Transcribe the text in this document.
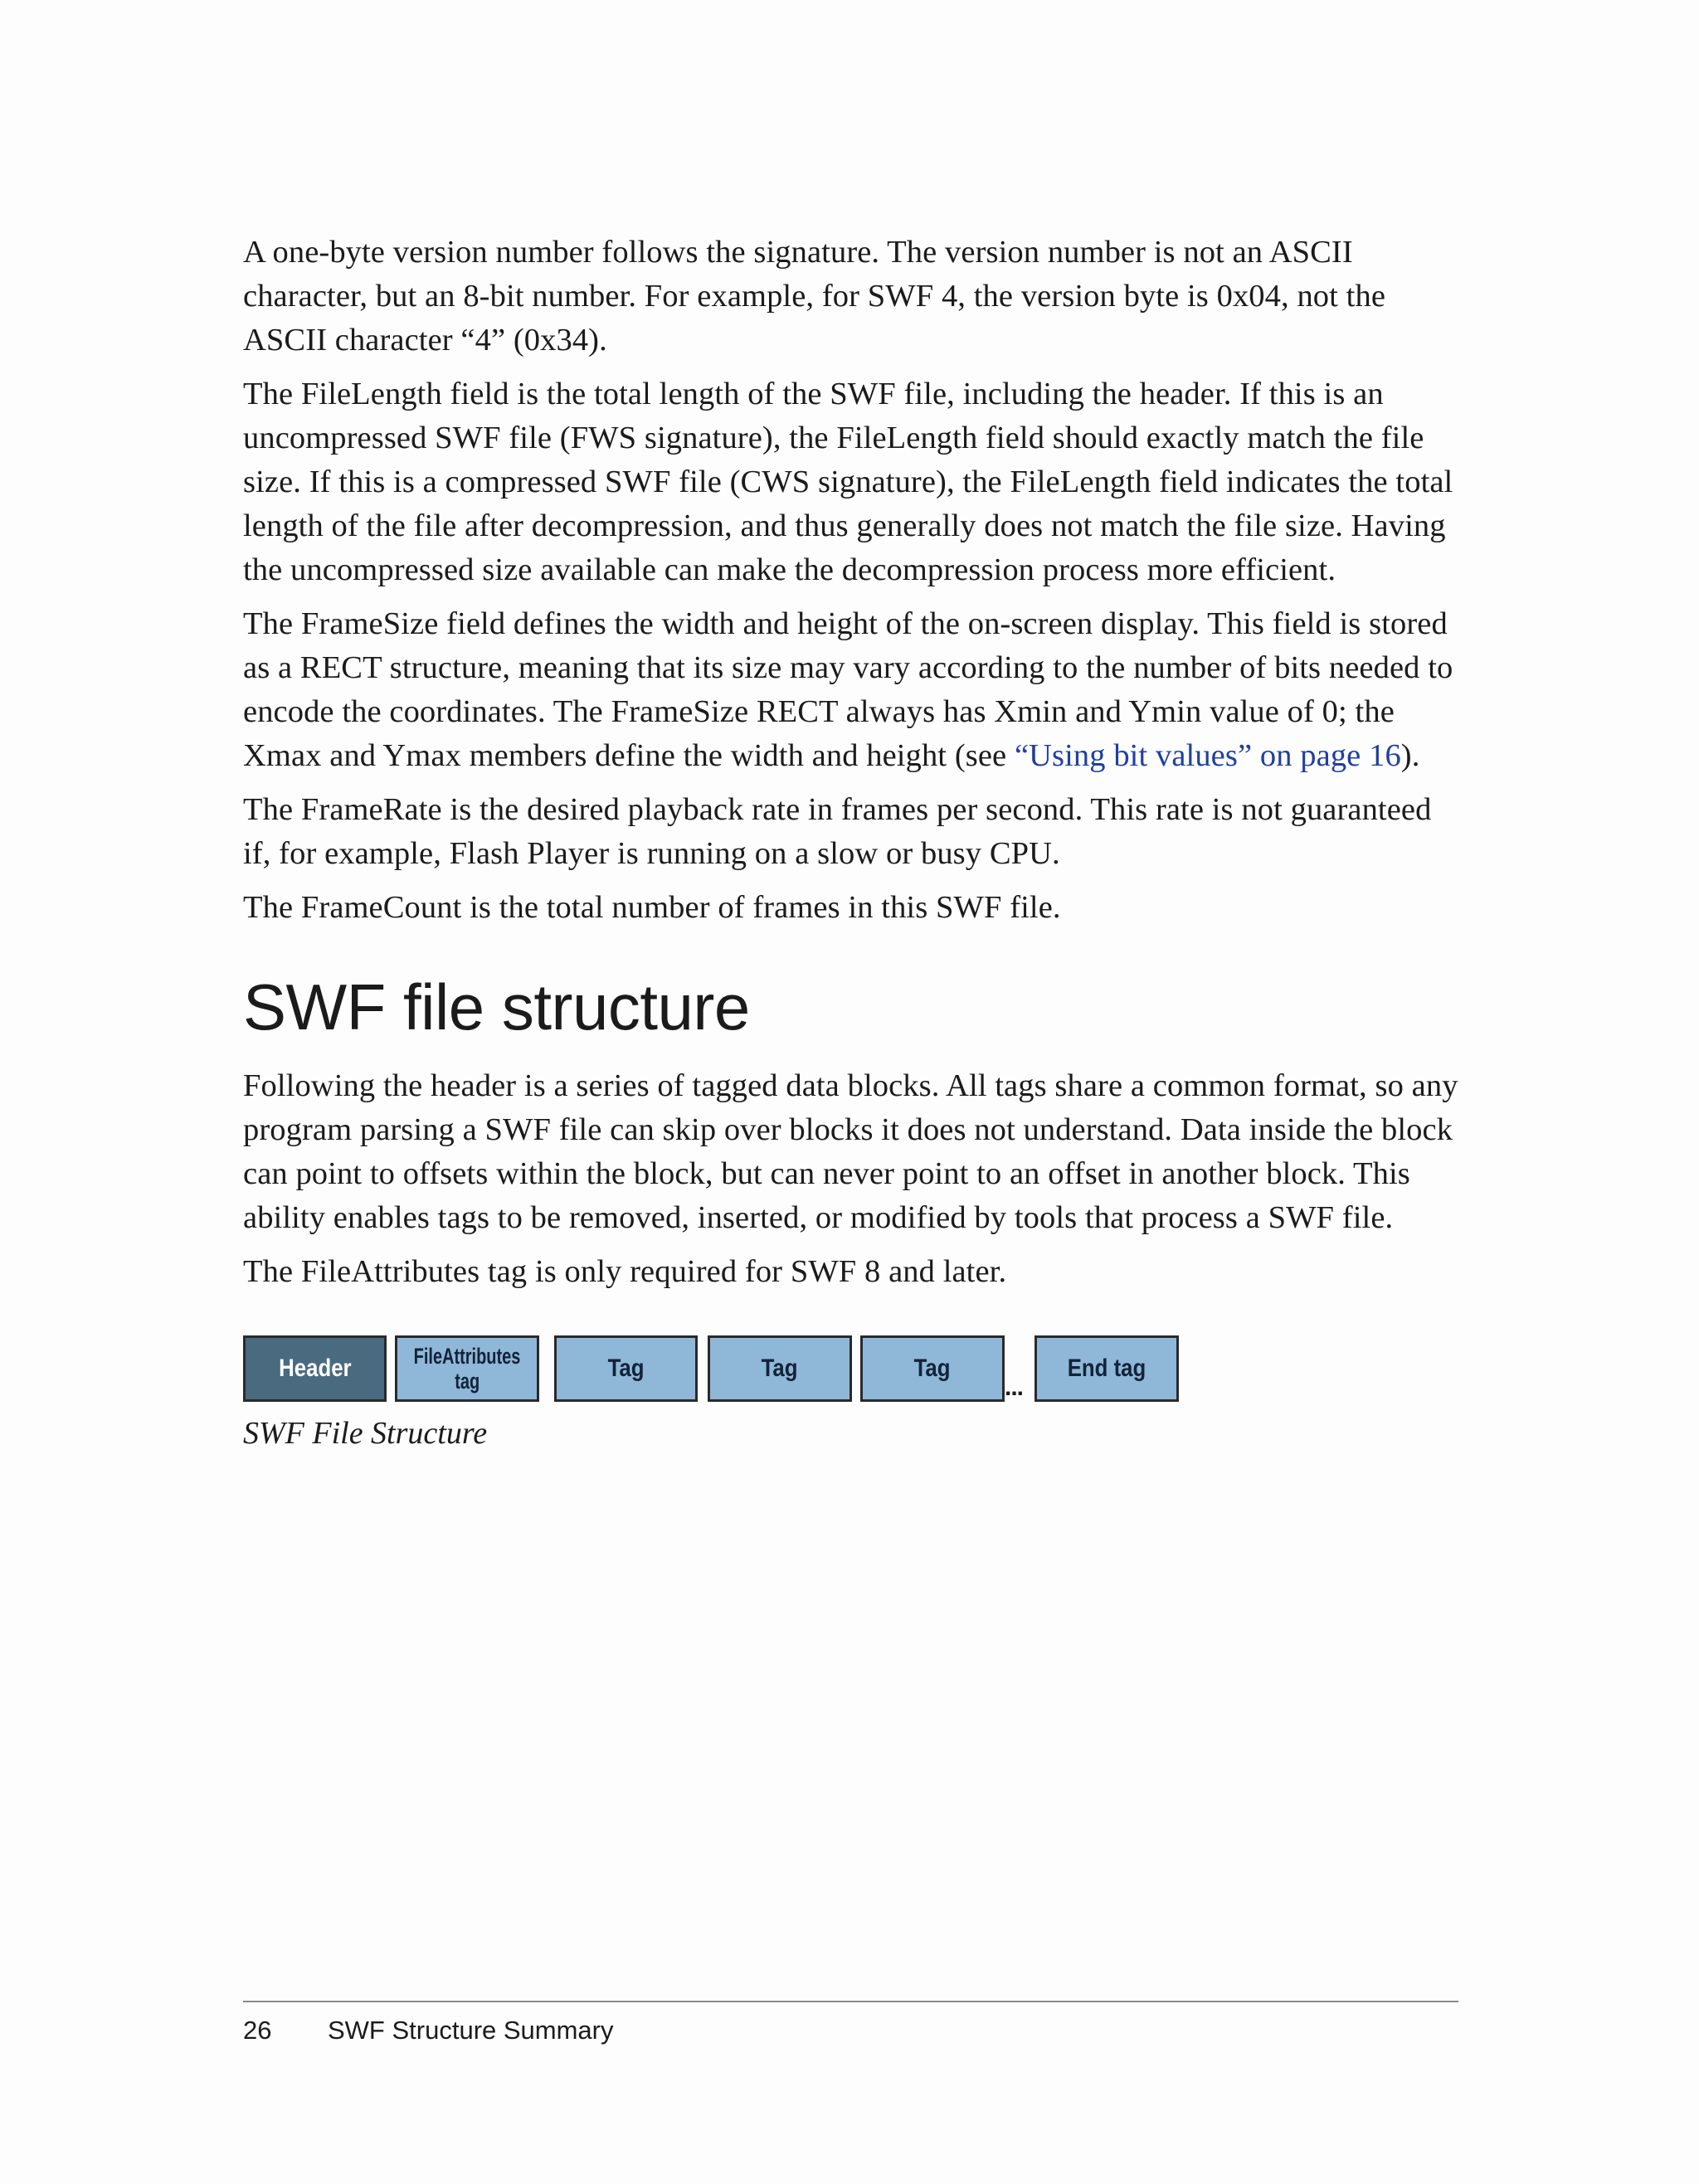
A one-byte version number follows the signature. The version number is not an ASCII character, but an 8-bit number. For example, for SWF 4, the version byte is 0x04, not the ASCII character “4” (0x34).

The FileLength field is the total length of the SWF file, including the header. If this is an uncompressed SWF file (FWS signature), the FileLength field should exactly match the file size. If this is a compressed SWF file (CWS signature), the FileLength field indicates the total length of the file after decompression, and thus generally does not match the file size. Having the uncompressed size available can make the decompression process more efficient.

The FrameSize field defines the width and height of the on-screen display. This field is stored as a RECT structure, meaning that its size may vary according to the number of bits needed to encode the coordinates. The FrameSize RECT always has Xmin and Ymin value of 0; the Xmax and Ymax members define the width and height (see “Using bit values” on page 16).

The FrameRate is the desired playback rate in frames per second. This rate is not guaranteed if, for example, Flash Player is running on a slow or busy CPU.

The FrameCount is the total number of frames in this SWF file.

SWF file structure

Following the header is a series of tagged data blocks. All tags share a common format, so any program parsing a SWF file can skip over blocks it does not understand. Data inside the block can point to offsets within the block, but can never point to an offset in another block. This ability enables tags to be removed, inserted, or modified by tools that process a SWF file.

The FileAttributes tag is only required for SWF 8 and later.

Header	FileAttributes
tag	Tag	Tag	Tag
...
End tag
SWF File Structure
26	SWF Structure Summary
